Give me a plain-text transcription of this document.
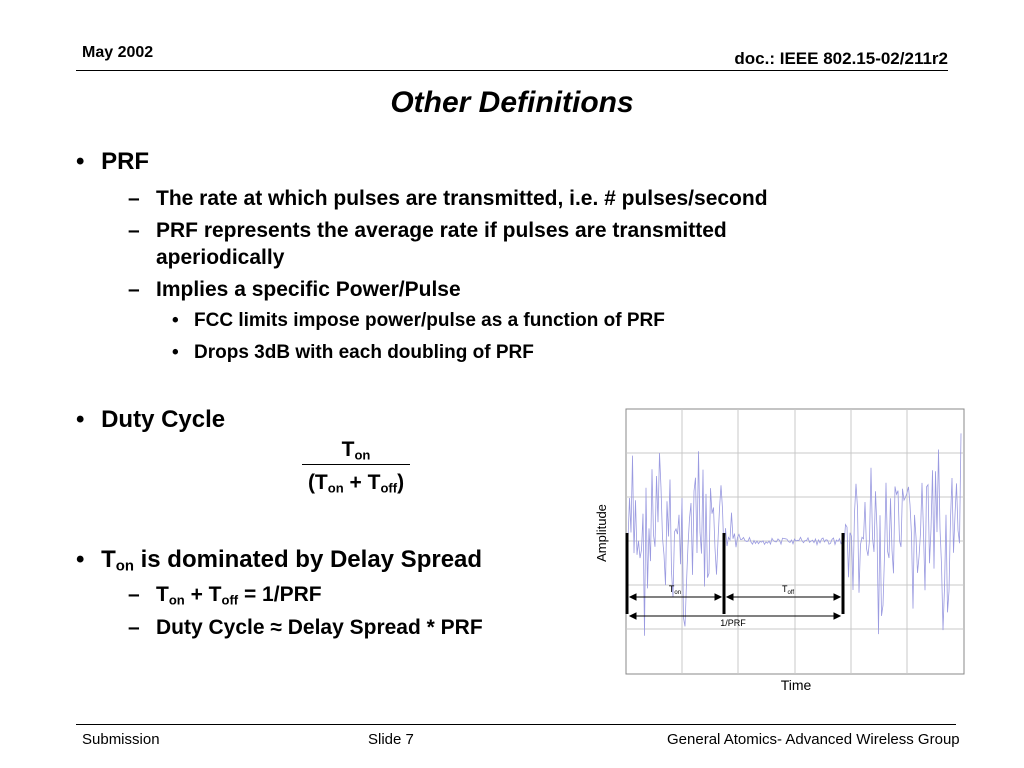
May 2002	doc.: IEEE 802.15-02/211r2
Other Definitions
• PRF
– The rate at which pulses are transmitted, i.e. # pulses/second
– PRF represents the average rate if pulses are transmitted
aperiodically
– Implies a specific Power/Pulse
• FCC limits impose power/pulse as a function of PRF
• Drops 3dB with each doubling of PRF
• Duty Cycle
$T_{on}$
$(T_{on} + T_{off})$
• $T_{on}$ is dominated by Delay Spread
– $T_{on} + T_{off} = 1/PRF$
– Duty Cycle ≈ Delay Spread * PRF
$T_{on}$	$T_{off}$
1/PRF
Amplitude
Time
Submission	Slide 7	General Atomics- Advanced Wireless Group
